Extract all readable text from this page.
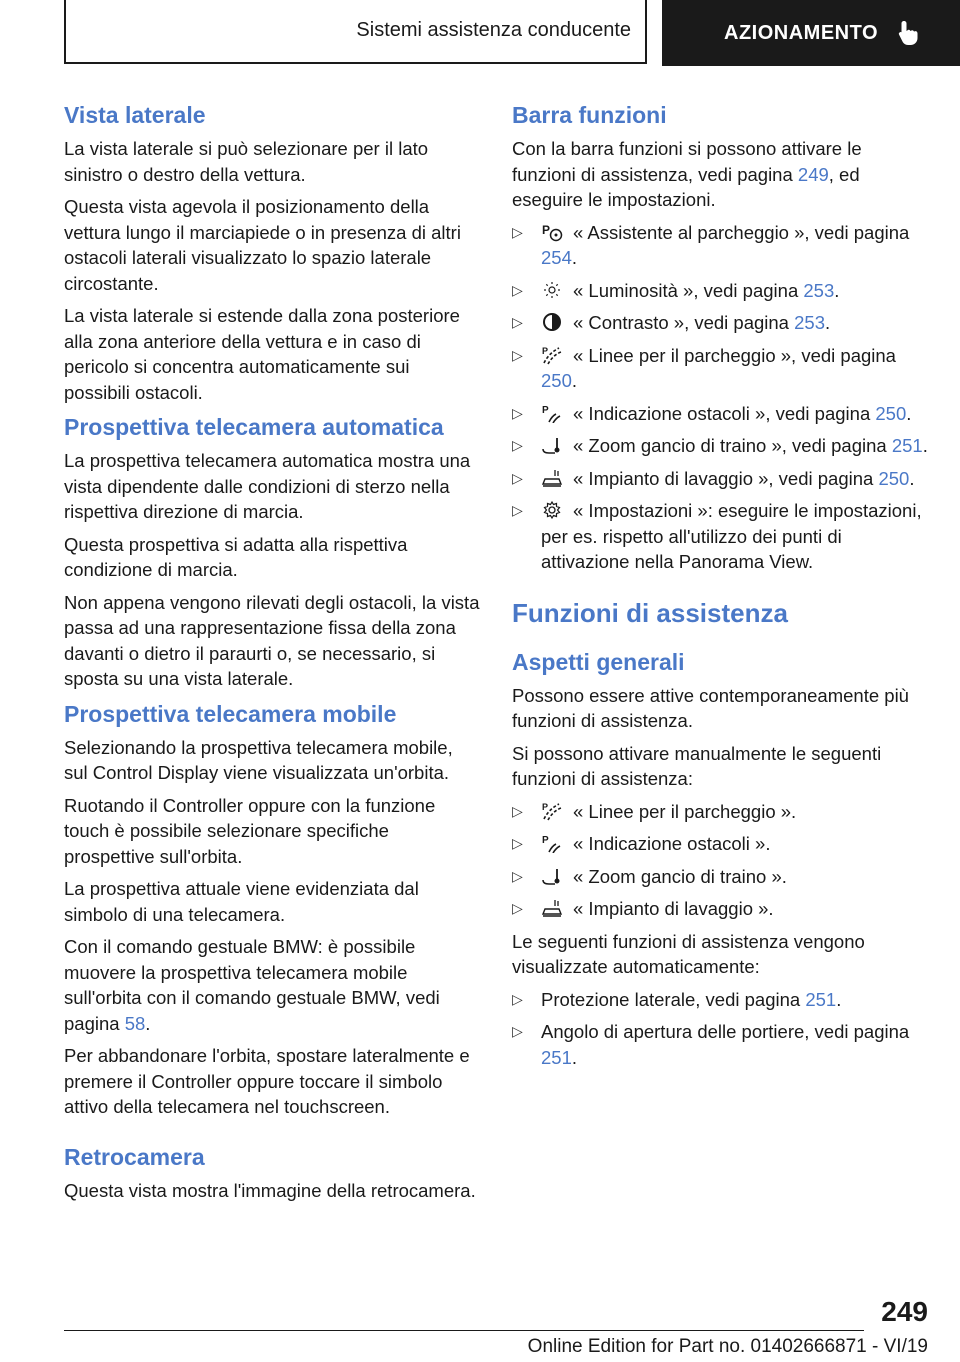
Sistemi assistenza conducente	AZIONAMENTO
Vista laterale

La vista laterale si può selezionare per il lato sinistro o destro della vettura.

Questa vista agevola il posizionamento della vettura lungo il marciapiede o in presenza di altri ostacoli laterali visualizzato lo spazio laterale circostante.

La vista laterale si estende dalla zona posteriore alla zona anteriore della vettura e in caso di pericolo si concentra automaticamente sui possibili ostacoli.

Prospettiva telecamera automatica

La prospettiva telecamera automatica mostra una vista dipendente dalle condizioni di sterzo nella rispettiva direzione di marcia.

Questa prospettiva si adatta alla rispettiva condizione di marcia.

Non appena vengono rilevati degli ostacoli, la vista passa ad una rappresentazione fissa della zona davanti o dietro il paraurti o, se necessario, si sposta su una vista laterale.

Prospettiva telecamera mobile

Selezionando la prospettiva telecamera mobile, sul Control Display viene visualizzata un'orbita.

Ruotando il Controller oppure con la funzione touch è possibile selezionare specifiche prospettive sull'orbita.

La prospettiva attuale viene evidenziata dal simbolo di una telecamera.

Con il comando gestuale BMW: è possibile muovere la prospettiva telecamera mobile sull'orbita con il comando gestuale BMW, vedi pagina 58.

Per abbandonare l'orbita, spostare lateralmente e premere il Controller oppure toccare il simbolo attivo della telecamera nel touchscreen.

Retrocamera

Questa vista mostra l'immagine della retrocamera.

Barra funzioni

Con la barra funzioni si possono attivare le funzioni di assistenza, vedi pagina 249, ed eseguire le impostazioni.

▷	« Assistente al parcheggio », vedi pagina 254.
▷	« Luminosità », vedi pagina 253.
▷	« Contrasto », vedi pagina 253.
▷	« Linee per il parcheggio », vedi pagina 250.
▷	« Indicazione ostacoli », vedi pagina 250.
▷	« Zoom gancio di traino », vedi pagina 251.
▷	« Impianto di lavaggio », vedi pagina 250.
▷	« Impostazioni »: eseguire le impostazioni, per es. rispetto all'utilizzo dei punti di attivazione nella Panorama View.
Funzioni di assistenza
Aspetti generali

Possono essere attive contemporaneamente più funzioni di assistenza.

Si possono attivare manualmente le seguenti funzioni di assistenza:

▷	« Linee per il parcheggio ».
▷	« Indicazione ostacoli ».
▷	« Zoom gancio di traino ».
▷	« Impianto di lavaggio ».

Le seguenti funzioni di assistenza vengono visualizzate automaticamente:

▷ Protezione laterale, vedi pagina 251.
▷ Angolo di apertura delle portiere, vedi pagina 251.
249
Online Edition for Part no. 01402666871 - VI/19
